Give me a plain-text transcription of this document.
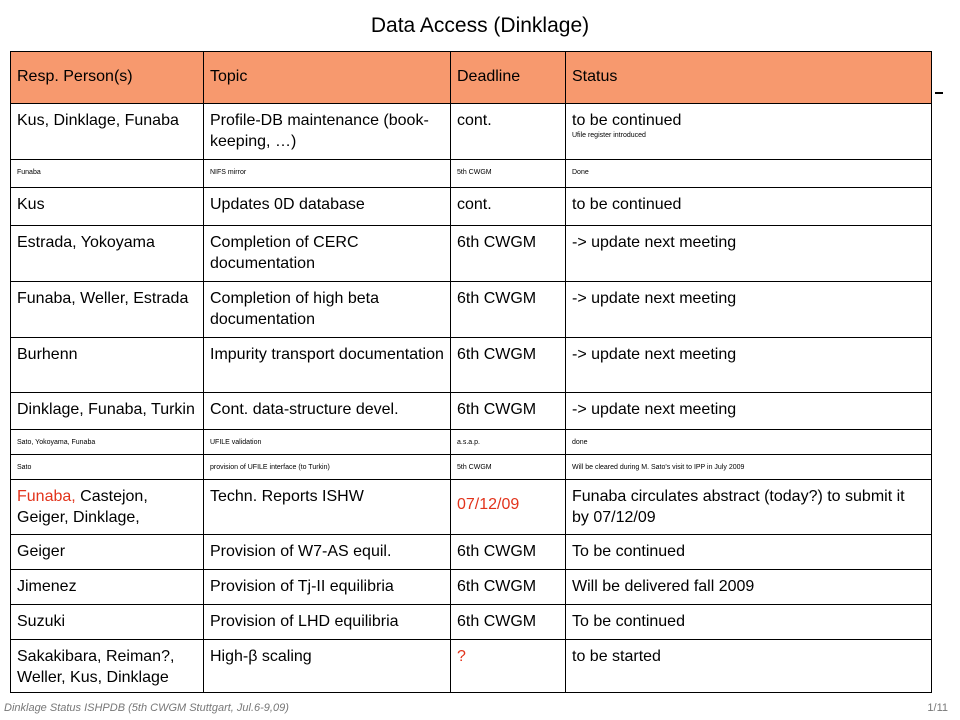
Data Access (Dinklage)
Resp. Person(s)	Topic	Deadline	Status
Kus, Dinklage, Funaba	Profile-DB maintenance (book-keeping, …)	cont.	to be continued
Ufile register introduced

Funaba	NIFS mirror	5th CWGM	Done
Kus	Updates 0D database	cont.	to be continued
Estrada, Yokoyama	Completion of CERC documentation	6th CWGM	-> update next meeting
Funaba, Weller, Estrada	Completion of high beta documentation	6th CWGM	-> update next meeting
Burhenn	Impurity transport documentation	6th CWGM	-> update next meeting
Dinklage, Funaba, Turkin	Cont. data-structure devel.	6th CWGM	-> update next meeting
Sato, Yokoyama, Funaba	UFILE validation	a.s.a.p.	done
Sato	provision of UFILE interface (to Turkin)	5th CWGM	Will be cleared during M. Sato's visit to IPP in July 2009
Funaba, Castejon, Geiger, Dinklage,	Techn. Reports ISHW	07/12/09	Funaba circulates abstract (today?) to submit it by 07/12/09
Geiger	Provision of W7-AS equil.	6th CWGM	To be continued
Jimenez	Provision of Tj-II equilibria	6th CWGM	Will be delivered fall 2009
Suzuki	Provision of LHD equilibria	6th CWGM	To be continued
Sakakibara, Reiman?, Weller, Kus, Dinklage	High-β scaling	?	to be started
Dinklage Status ISHPDB (5th CWGM Stuttgart, Jul.6-9,09)	1/11
